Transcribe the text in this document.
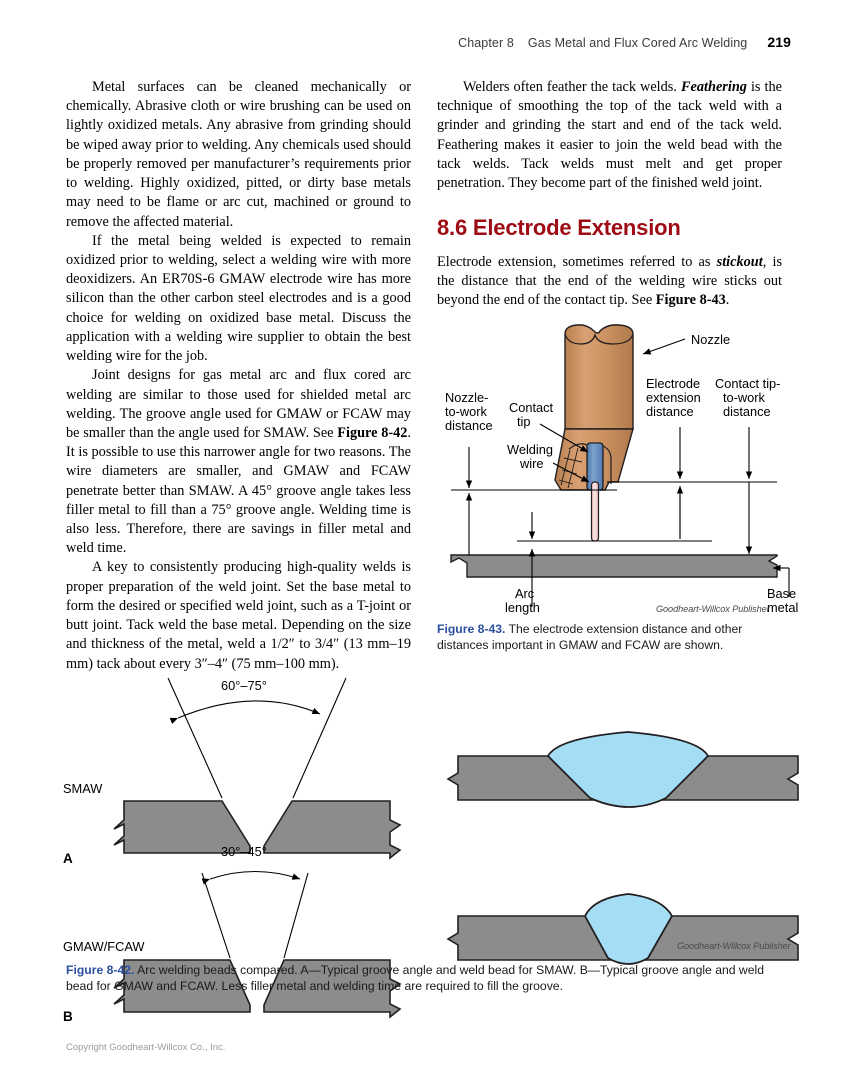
Chapter 8 Gas Metal and Flux Cored Arc Welding 219

Metal surfaces can be cleaned mechanically or chemically. Abrasive cloth or wire brushing can be used on lightly oxidized metals. Any abrasive from grinding should be wiped away prior to welding. Any chemicals used should be properly removed per manufacturer’s requirements prior to welding. Highly oxidized, pitted, or dirty base metals may need to be flame or arc cut, machined or ground to remove the affected material.

If the metal being welded is expected to remain oxidized prior to welding, select a welding wire with more deoxidizers. An ER70S-6 GMAW electrode wire has more silicon than the other carbon steel electrodes and is a good choice for welding on oxidized base metal. Discuss the application with a welding wire supplier to obtain the best welding wire for the job.

Joint designs for gas metal arc and flux cored arc welding are similar to those used for shielded metal arc welding. The groove angle used for GMAW or FCAW may be smaller than the angle used for SMAW. See Figure 8-42. It is possible to use this narrower angle for two reasons. The wire diameters are smaller, and GMAW and FCAW penetrate better than SMAW. A 45° groove angle takes less filler metal to fill than a 75° groove angle. Welding time is also less. Therefore, there are savings in filler metal and weld time.

A key to consistently producing high-quality welds is proper preparation of the weld joint. Set the base metal to form the desired or specified weld joint, such as a T-joint or butt joint. Tack weld the base metal. Depending on the size and thickness of the metal, weld a 1/2″ to 3/4″ (13 mm–19 mm) tack about every 3″–4″ (75 mm–100 mm).

Welders often feather the tack welds. Feathering is the technique of smoothing the top of the tack weld with a grinder and grinding the start and end of the tack weld. Feathering makes it easier to join the weld bead with the tack welds. Tack welds must melt and get proper penetration. They become part of the finished weld joint.

8.6 Electrode Extension

Electrode extension, sometimes referred to as stickout, is the distance that the end of the welding wire sticks out beyond the end of the contact tip. See Figure 8-43.

Nozzle
Contact
tip
Welding
wire
Nozzle-
to-work
distance
Electrode
extension
distance
Contact tip-
to-work
distance
Arc
length
Base
metal
Goodheart-Willcox Publisher
Figure 8-43. The electrode extension distance and other distances important in GMAW and FCAW are shown.
SMAW
A
60°–75°
GMAW/FCAW
B
30°–45°
Goodheart-Willcox Publisher
Figure 8-42. Arc welding beads compared. A—Typical groove angle and weld bead for SMAW. B—Typical groove angle and weld bead for GMAW and FCAW. Less filler metal and welding time are required to fill the groove.
Copyright Goodheart-Willcox Co., Inc.
